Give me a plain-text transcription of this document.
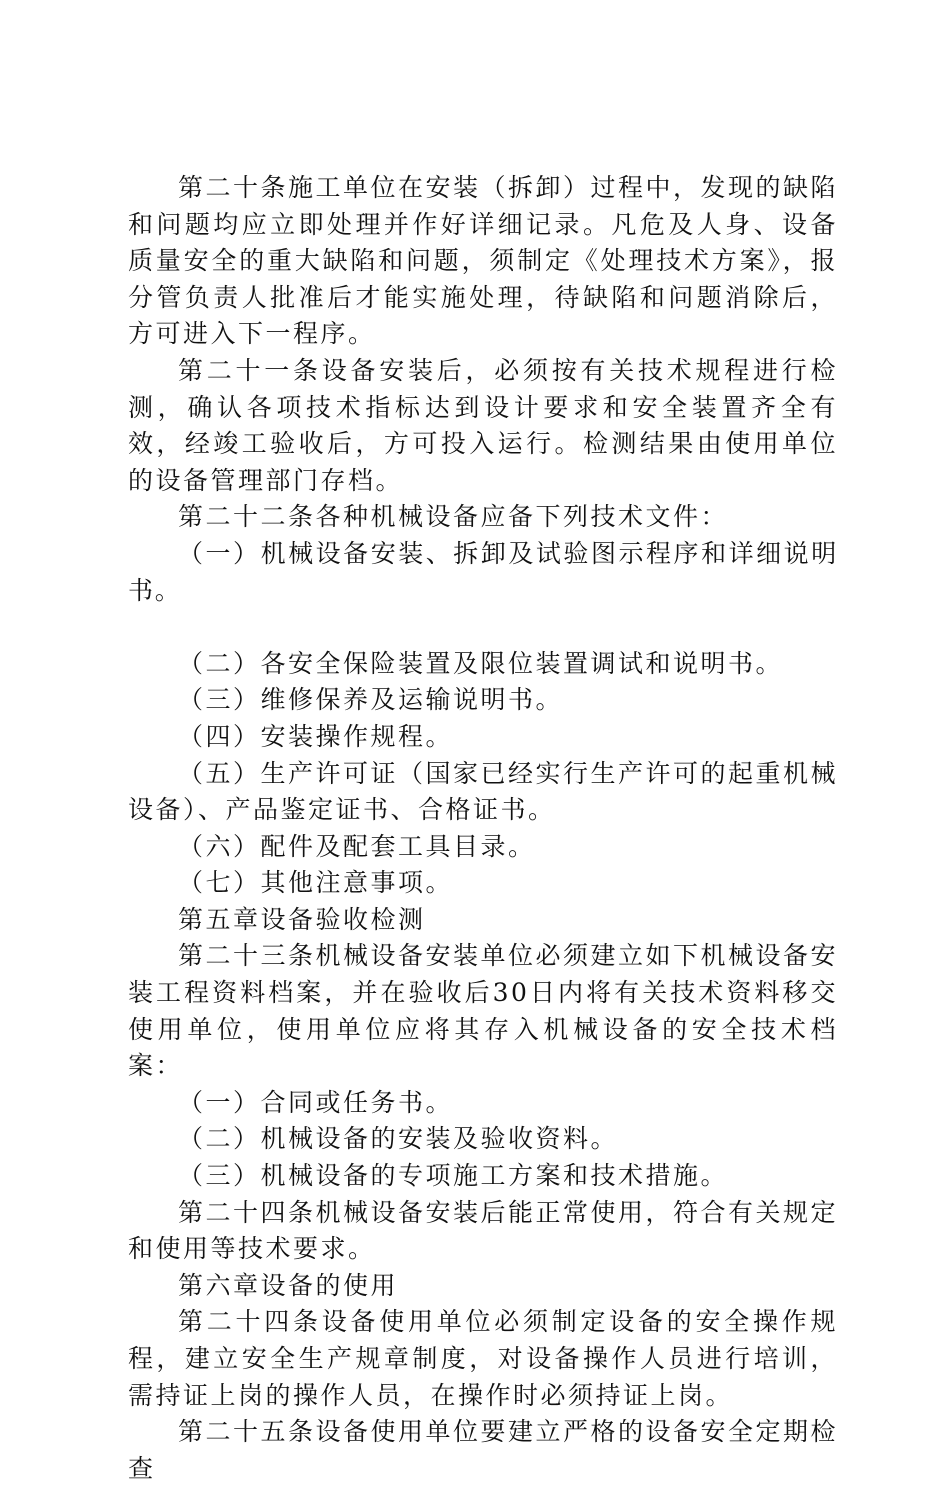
第二十条施工单位在安装（拆卸）过程中，发现的缺陷和问题均应立即处理并作好详细记录。凡危及人身、设备质量安全的重大缺陷和问题，须制定《处理技术方案》，报分管负责人批准后才能实施处理，待缺陷和问题消除后，方可进入下一程序。

第二十一条设备安装后，必须按有关技术规程进行检测，确认各项技术指标达到设计要求和安全装置齐全有效，经竣工验收后，方可投入运行。检测结果由使用单位的设备管理部门存档。

第二十二条各种机械设备应备下列技术文件：

（一）机械设备安装、拆卸及试验图示程序和详细说明书。

（二）各安全保险装置及限位装置调试和说明书。

（三）维修保养及运输说明书。

（四）安装操作规程。

（五）生产许可证（国家已经实行生产许可的起重机械设备）、产品鉴定证书、合格证书。

（六）配件及配套工具目录。

（七）其他注意事项。

第五章设备验收检测

第二十三条机械设备安装单位必须建立如下机械设备安装工程资料档案，并在验收后30日内将有关技术资料移交使用单位，使用单位应将其存入机械设备的安全技术档案：

（一）合同或任务书。

（二）机械设备的安装及验收资料。

（三）机械设备的专项施工方案和技术措施。

第二十四条机械设备安装后能正常使用，符合有关规定和使用等技术要求。

第六章设备的使用

第二十四条设备使用单位必须制定设备的安全操作规程，建立安全生产规章制度，对设备操作人员进行培训，需持证上岗的操作人员，在操作时必须持证上岗。

第二十五条设备使用单位要建立严格的设备安全定期检查
